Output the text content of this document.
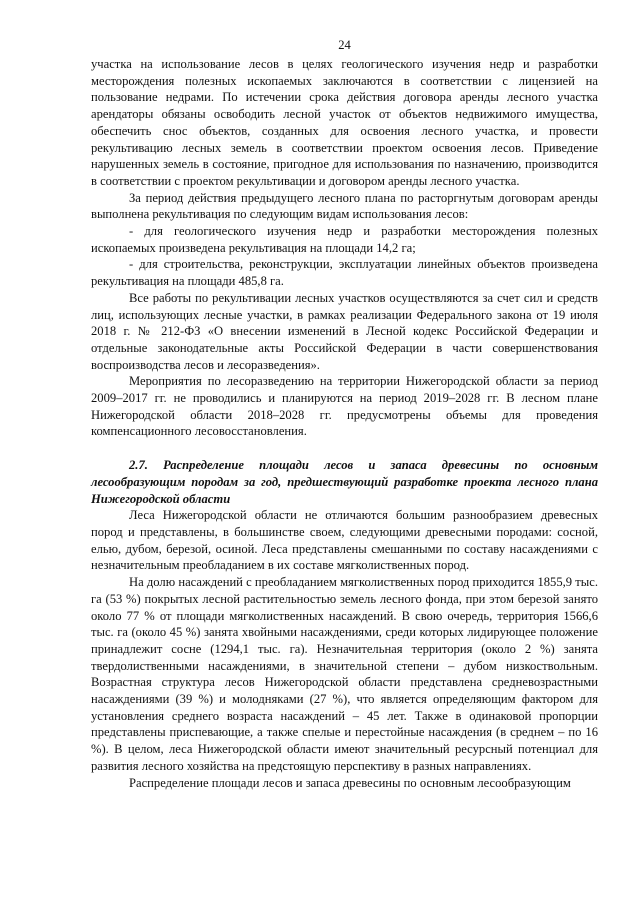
24

участка на использование лесов в целях геологического изучения недр и разработки месторождения полезных ископаемых заключаются в соответствии с лицензией на пользование недрами. По истечении срока действия договора аренды лесного участка арендаторы обязаны освободить лесной участок от объектов недвижимого имущества, обеспечить снос объектов, созданных для освоения лесного участка, и провести рекультивацию лесных земель в соответствии проектом освоения лесов. Приведение нарушенных земель в состояние, пригодное для использования по назначению, производится в соответствии с проектом рекультивации и договором аренды лесного участка.

За период действия предыдущего лесного плана по расторгнутым договорам аренды выполнена рекультивация по следующим видам использования лесов:

- для геологического изучения недр и разработки месторождения полезных ископаемых произведена рекультивация на площади 14,2 га;

- для строительства, реконструкции, эксплуатации линейных объектов произведена рекультивация на площади 485,8 га.

Все работы по рекультивации лесных участков осуществляются за счет сил и средств лиц, использующих лесные участки, в рамках реализации Федерального закона от 19 июля 2018 г. № 212-ФЗ «О внесении изменений в Лесной кодекс Российской Федерации и отдельные законодательные акты Российской Федерации в части совершенствования воспроизводства лесов и лесоразведения».

Мероприятия по лесоразведению на территории Нижегородской области за период 2009–2017 гг. не проводились и планируются на период 2019–2028 гг. В лесном плане Нижегородской области 2018–2028 гг. предусмотрены объемы для проведения компенсационного лесовосстановления.

2.7. Распределение площади лесов и запаса древесины по основным лесообразующим породам за год, предшествующий разработке проекта лесного плана Нижегородской области

Леса Нижегородской области не отличаются большим разнообразием древесных пород и представлены, в большинстве своем, следующими древесными породами: сосной, елью, дубом, березой, осиной. Леса представлены смешанными по составу насаждениями с незначительным преобладанием в их составе мягколиственных пород.

На долю насаждений с преобладанием мягколиственных пород приходится 1855,9 тыс. га (53 %) покрытых лесной растительностью земель лесного фонда, при этом березой занято около 77 % от площади мягколиственных насаждений. В свою очередь, территория 1566,6 тыс. га (около 45 %) занята хвойными насаждениями, среди которых лидирующее положение принадлежит сосне (1294,1 тыс. га). Незначительная территория (около 2 %) занята твердолиственными насаждениями, в значительной степени – дубом низкоствольным. Возрастная структура лесов Нижегородской области представлена средневозрастными насаждениями (39 %) и молодняками (27 %), что является определяющим фактором для установления среднего возраста насаждений – 45 лет. Также в одинаковой пропорции представлены приспевающие, а также спелые и перестойные насаждения (в среднем – по 16 %). В целом, леса Нижегородской области имеют значительный ресурсный потенциал для развития лесного хозяйства на предстоящую перспективу в разных направлениях.

Распределение площади лесов и запаса древесины по основным лесообразующим
